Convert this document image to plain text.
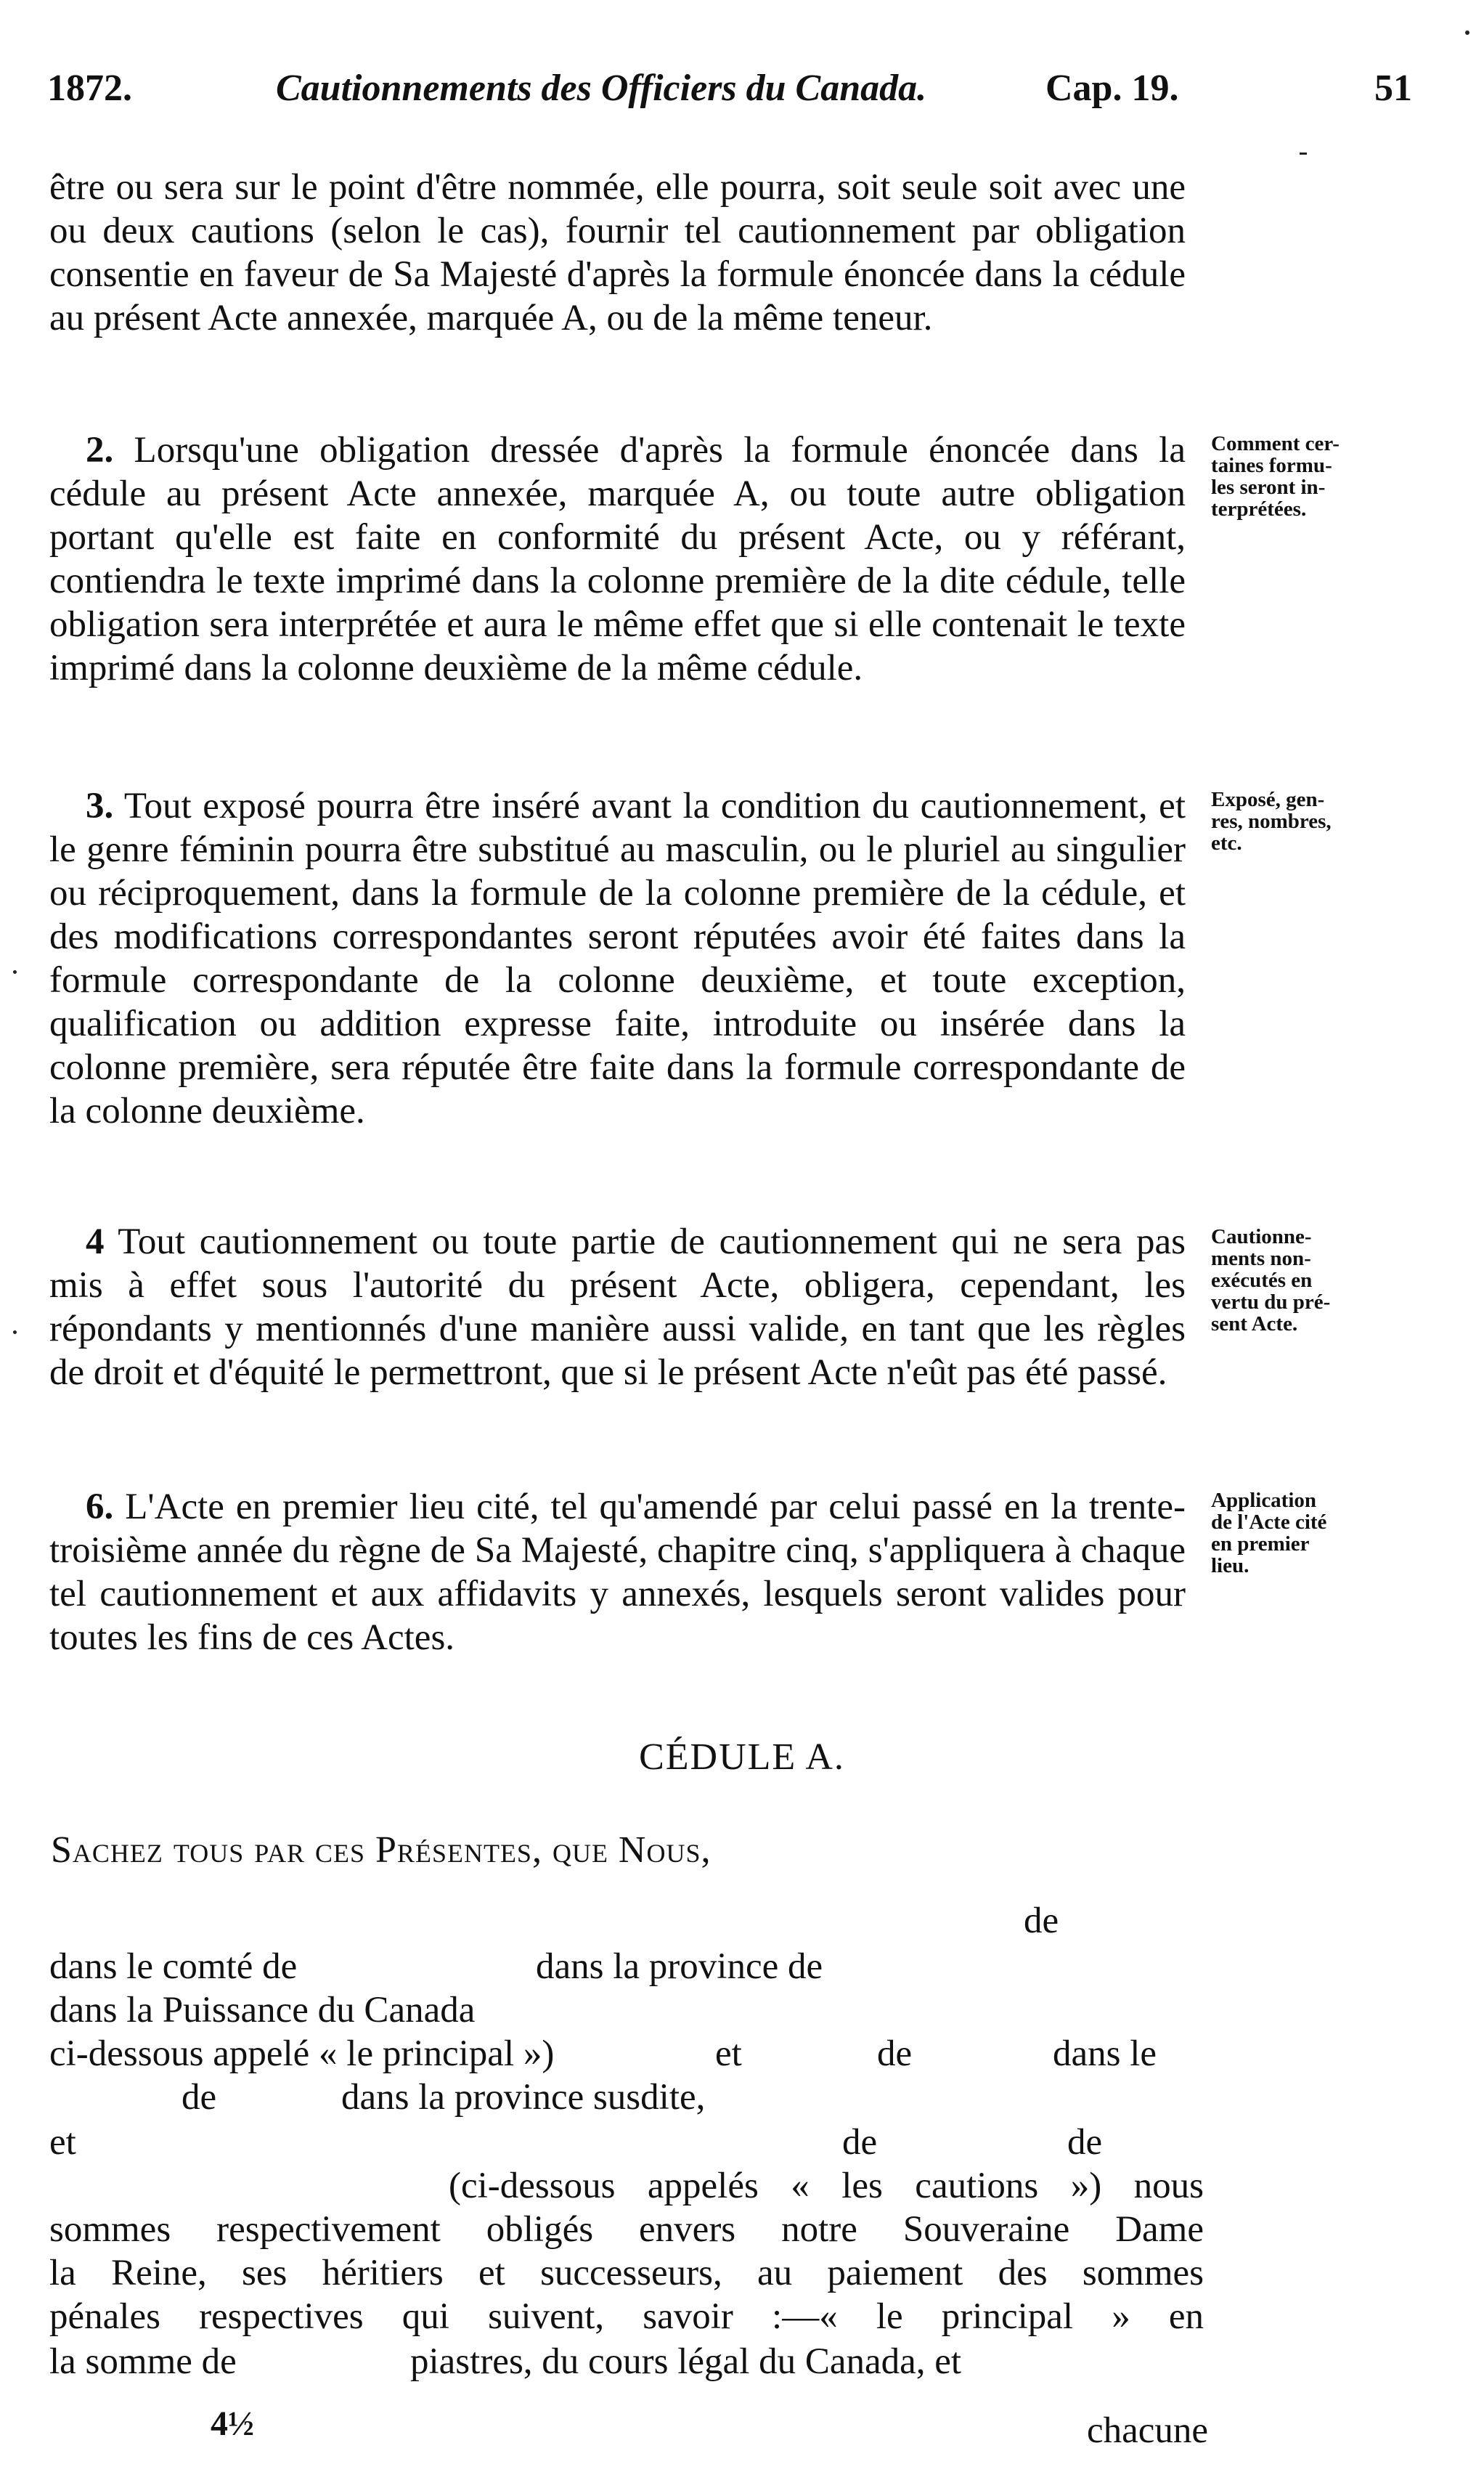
1872.	Cautionnements des Officiers du Canada.	Cap. 19.	51

être ou sera sur le point d'être nommée, elle pourra, soit seule soit avec une ou deux cautions (selon le cas), fournir tel cautionnement par obligation consentie en faveur de Sa Majesté d'après la formule énoncée dans la cédule au présent Acte annexée, marquée A, ou de la même teneur.

2. Lorsqu'une obligation dressée d'après la formule énoncée dans la cédule au présent Acte annexée, marquée A, ou toute autre obligation portant qu'elle est faite en conformité du présent Acte, ou y référant, contiendra le texte imprimé dans la colonne première de la dite cédule, telle obligation sera interprétée et aura le même effet que si elle contenait le texte imprimé dans la colonne deuxième de la même cédule.

Comment cer-
taines formu-
les seront in-
terprétées.

3. Tout exposé pourra être inséré avant la condition du cautionnement, et le genre féminin pourra être substitué au masculin, ou le pluriel au singulier ou réciproquement, dans la formule de la colonne première de la cédule, et des modifications correspondantes seront réputées avoir été faites dans la formule correspondante de la colonne deuxième, et toute exception, qualification ou addition expresse faite, introduite ou insérée dans la colonne première, sera réputée être faite dans la formule correspondante de la colonne deuxième.

Exposé, gen-
res, nombres,
etc.

4 Tout cautionnement ou toute partie de cautionnement qui ne sera pas mis à effet sous l'autorité du présent Acte, obligera, cependant, les répondants y mentionnés d'une manière aussi valide, en tant que les règles de droit et d'équité le permettront, que si le présent Acte n'eût pas été passé.

Cautionne-
ments non-
exécutés en
vertu du pré-
sent Acte.

6. L'Acte en premier lieu cité, tel qu'amendé par celui passé en la trente-troisième année du règne de Sa Majesté, chapitre cinq, s'appliquera à chaque tel cautionnement et aux affidavits y annexés, lesquels seront valides pour toutes les fins de ces Actes.

Application
de l'Acte cité
en premier
lieu.
CÉDULE A.
Sachez tous par ces Présentes, que Nous,
de
dans le comté de	dans la province de
dans la Puissance du Canada
ci-dessous appelé « le principal »)	et	de	dans le
de	dans la province susdite,
et	de	de
(ci-dessous appelés « les cautions ») nous
sommes respectivement obligés envers notre Souveraine Dame
la Reine, ses héritiers et successeurs, au paiement des sommes
pénales respectives qui suivent, savoir :—« le principal » en
la somme de	piastres, du cours légal du Canada, et
4½	chacune
